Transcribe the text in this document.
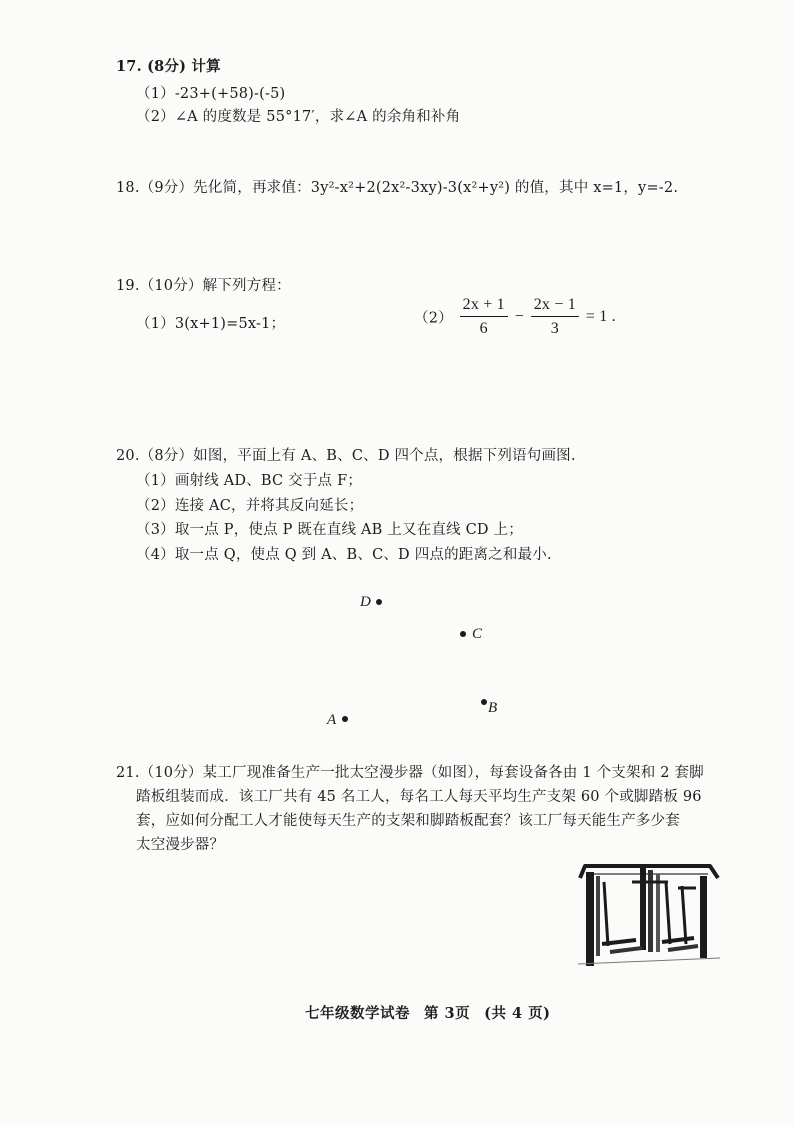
17. (8分) 计算
（1）-23+(+58)-(-5)
（2）∠A 的度数是 55°17′，求∠A 的余角和补角
18.（9分）先化简，再求值：3y²-x²+2(2x²-3xy)-3(x²+y²) 的值，其中 x=1，y=-2.
19.（10分）解下列方程：
（1）3(x+1)=5x-1；	$(2) \frac{2x + 1}{6} - \frac{2x - 1}{3} = 1$ .
20.（8分）如图，平面上有 A、B、C、D 四个点，根据下列语句画图.
（1）画射线 AD、BC 交于点 F；
（2）连接 AC，并将其反向延长；
（3）取一点 P，使点 P 既在直线 AB 上又在直线 CD 上；
（4）取一点 Q，使点 Q 到 A、B、C、D 四点的距离之和最小.
D
C
B
A
21.（10分）某工厂现准备生产一批太空漫步器（如图），每套设备各由 1 个支架和 2 套脚
踏板组装而成．该工厂共有 45 名工人，每名工人每天平均生产支架 60 个或脚踏板 96
套，应如何分配工人才能使每天生产的支架和脚踏板配套？该工厂每天能生产多少套
太空漫步器？
七年级数学试卷 第 3页 (共 4 页)
